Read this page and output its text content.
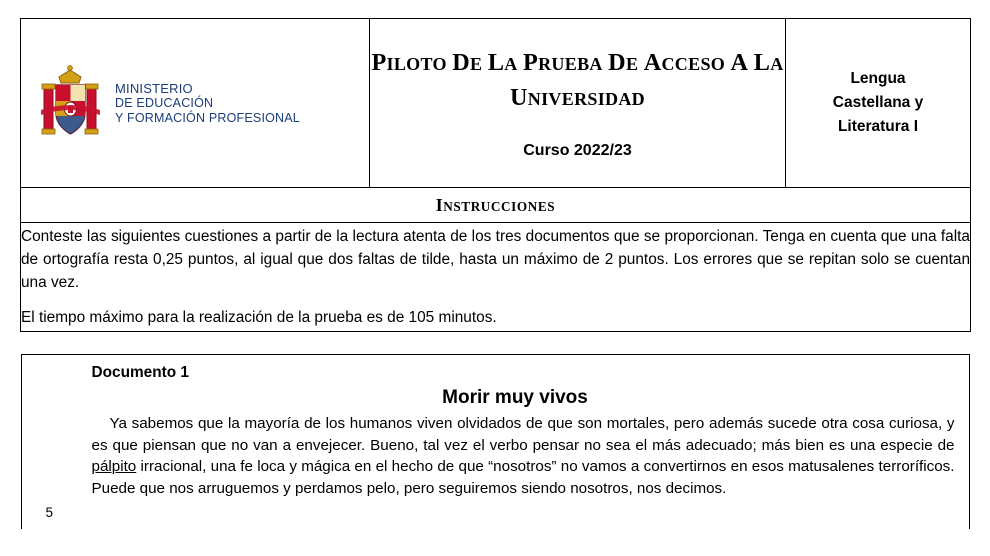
MINISTERIO
DE EDUCACIÓN
Y FORMACIÓN PROFESIONAL

PILOTO DE LA PRUEBA DE ACCESO A LA
UNIVERSIDAD
Curso 2022/23

Lengua
Castellana y
Literatura I

INSTRUCCIONES

Conteste las siguientes cuestiones a partir de la lectura atenta de los tres documentos que se proporcionan. Tenga en cuenta que una falta de ortografía resta 0,25 puntos, al igual que dos faltas de tilde, hasta un máximo de 2 puntos. Los errores que se repitan solo se cuentan una vez.

El tiempo máximo para la realización de la prueba es de 105 minutos.

Documento 1
Morir muy vivos
Ya sabemos que la mayoría de los humanos viven olvidados de que son mortales, pero además sucede otra cosa curiosa, y es que piensan que no van a envejecer. Bueno, tal vez el verbo pensar no sea el más adecuado; más bien es una especie de pálpito irracional, una fe loca y mágica en el hecho de que “nosotros” no vamos a convertirnos en esos matusalenes terroríficos. Puede que nos arruguemos y perdamos pelo, pero seguiremos siendo nosotros, nos decimos.
5
